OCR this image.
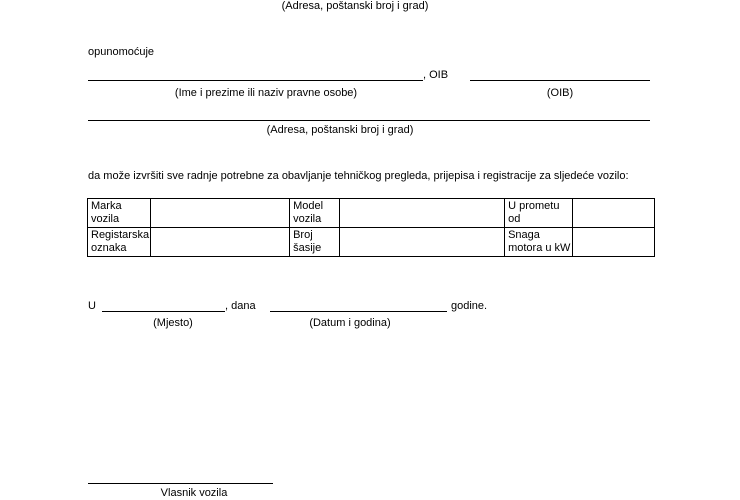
(Adresa, poštanski broj i grad)
opunomoćuje
, OIB
(Ime i prezime ili naziv pravne osobe)	(OIB)
(Adresa, poštanski broj i grad)
da može izvršiti sve radnje potrebne za obavljanje tehničkog pregleda, prijepisa i registracije za sljedeće vozilo:
Marka vozila		Model vozila		U prometu od	
Registarska oznaka		Broj šasije		Snaga motora u kW	
U	, dana	godine.
(Mjesto)	(Datum i godina)
Vlasnik vozila
